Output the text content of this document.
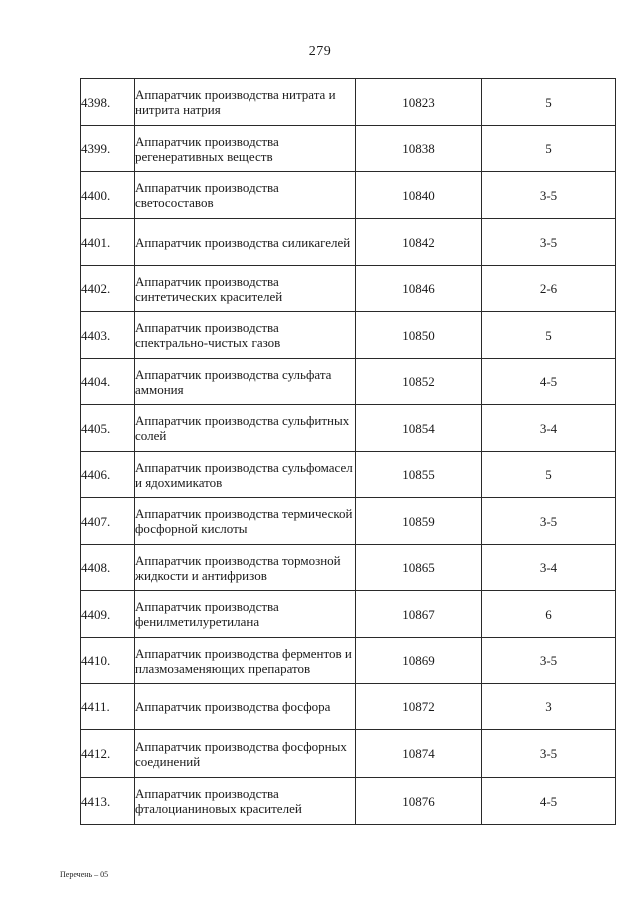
279
4398.	Аппаратчик производства нитрата и нитрита натрия	10823	5
4399.	Аппаратчик производства регенеративных веществ	10838	5
4400.	Аппаратчик производства светосоставов	10840	3-5
4401.	Аппаратчик производства силикагелей	10842	3-5
4402.	Аппаратчик производства синтетических красителей	10846	2-6
4403.	Аппаратчик производства спектрально-чистых газов	10850	5
4404.	Аппаратчик производства сульфата аммония	10852	4-5
4405.	Аппаратчик производства сульфитных солей	10854	3-4
4406.	Аппаратчик производства сульфомасел и ядохимикатов	10855	5
4407.	Аппаратчик производства термической фосфорной кислоты	10859	3-5
4408.	Аппаратчик производства тормозной жидкости и антифризов	10865	3-4
4409.	Аппаратчик производства фенилметилуретилана	10867	6
4410.	Аппаратчик производства ферментов и плазмозаменяющих препаратов	10869	3-5
4411.	Аппаратчик производства фосфора	10872	3
4412.	Аппаратчик производства фосфорных соединений	10874	3-5
4413.	Аппаратчик производства фталоцианиновых красителей	10876	4-5
Перечень – 05
